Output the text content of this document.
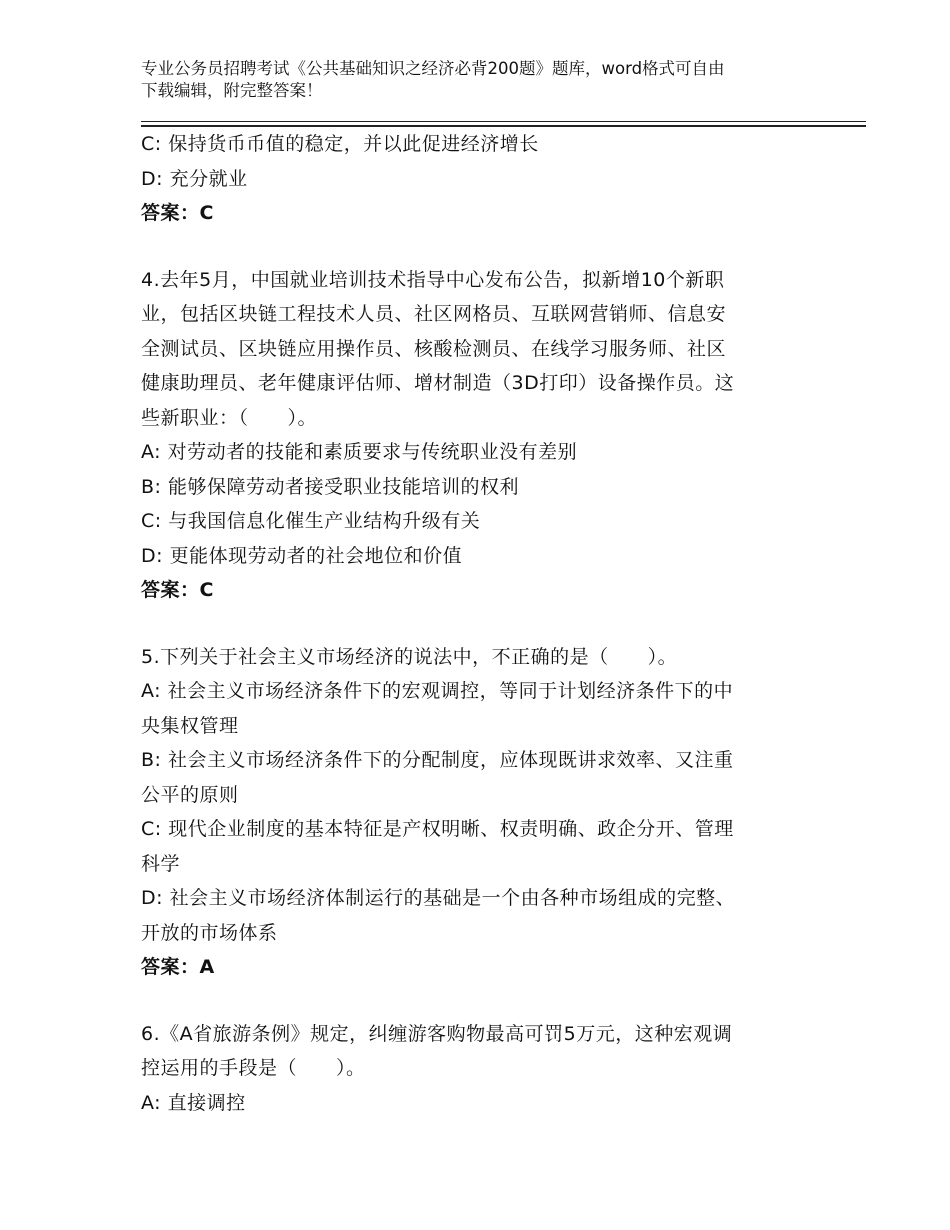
专业公务员招聘考试《公共基础知识之经济必背200题》题库，word格式可自由
下载编辑，附完整答案！

C: 保持货币币值的稳定，并以此促进经济增长

D: 充分就业

答案：C

4.去年5月，中国就业培训技术指导中心发布公告，拟新增10个新职

业，包括区块链工程技术人员、社区网格员、互联网营销师、信息安

全测试员、区块链应用操作员、核酸检测员、在线学习服务师、社区

健康助理员、老年健康评估师、增材制造（3D打印）设备操作员。这

些新职业：（　　）。

A: 对劳动者的技能和素质要求与传统职业没有差别

B: 能够保障劳动者接受职业技能培训的权利

C: 与我国信息化催生产业结构升级有关

D: 更能体现劳动者的社会地位和价值

答案：C

5.下列关于社会主义市场经济的说法中，不正确的是（　　）。

A: 社会主义市场经济条件下的宏观调控，等同于计划经济条件下的中

央集权管理

B: 社会主义市场经济条件下的分配制度，应体现既讲求效率、又注重

公平的原则

C: 现代企业制度的基本特征是产权明晰、权责明确、政企分开、管理

科学

D: 社会主义市场经济体制运行的基础是一个由各种市场组成的完整、

开放的市场体系

答案：A

6.《A省旅游条例》规定，纠缠游客购物最高可罚5万元，这种宏观调

控运用的手段是（　　）。

A: 直接调控
